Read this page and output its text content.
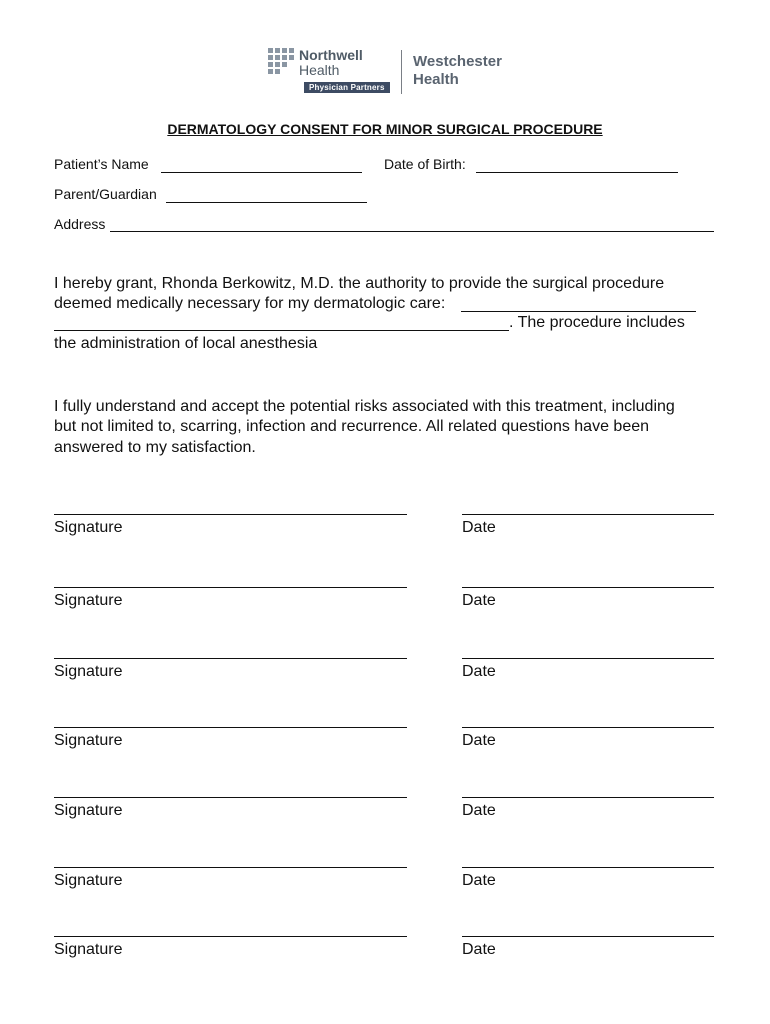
Northwell
Health
Physician Partners
Westchester
Health
DERMATOLOGY CONSENT FOR MINOR SURGICAL PROCEDURE
Patient’s Name	Date of Birth:
Parent/Guardian
Address
I hereby grant, Rhonda Berkowitz, M.D. the authority to provide the surgical procedure
deemed medically necessary for my dermatologic care:
. The procedure includes
the administration of local anesthesia
I fully understand and accept the potential risks associated with this treatment, including
but not limited to, scarring, infection and recurrence. All related questions have been
answered to my satisfaction.
Signature	Date
Signature	Date
Signature	Date
Signature	Date
Signature	Date
Signature	Date
Signature	Date
